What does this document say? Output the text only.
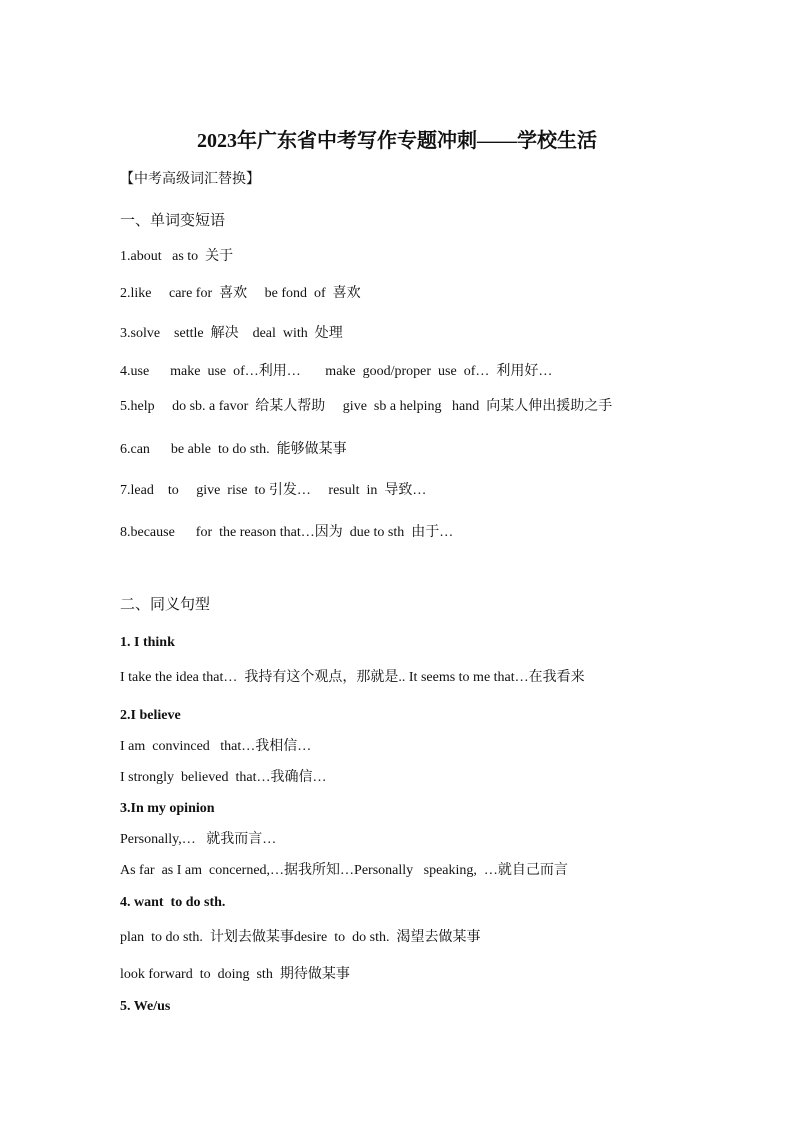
2023年广东省中考写作专题冲刺——学校生活
【中考高级词汇替换】
一、单词变短语
1.about   as to  关于
2.like     care for  喜欢     be fond  of  喜欢
3.solve    settle  解决    deal  with  处理
4.use      make  use  of…利用…       make  good/proper  use  of…  利用好…
5.help     do sb. a favor  给某人帮助     give  sb a helping   hand  向某人伸出援助之手
6.can      be able  to do sth.  能够做某事
7.lead    to     give  rise  to 引发…     result  in  导致…
8.because      for  the reason that…因为  due to sth  由于…
二、同义句型
1. I think
I take the idea that…  我持有这个观点，那就是.. It seems to me that…在我看来
2.I believe
I am  convinced   that…我相信…
I strongly  believed  that…我确信…
3.In my opinion
Personally,…   就我而言…
As far  as I am  concerned,…据我所知…Personally   speaking,  …就自己而言
4. want  to do sth.
plan  to do sth.  计划去做某事desire  to  do sth.  渴望去做某事
look forward  to  doing  sth  期待做某事
5. We/us
